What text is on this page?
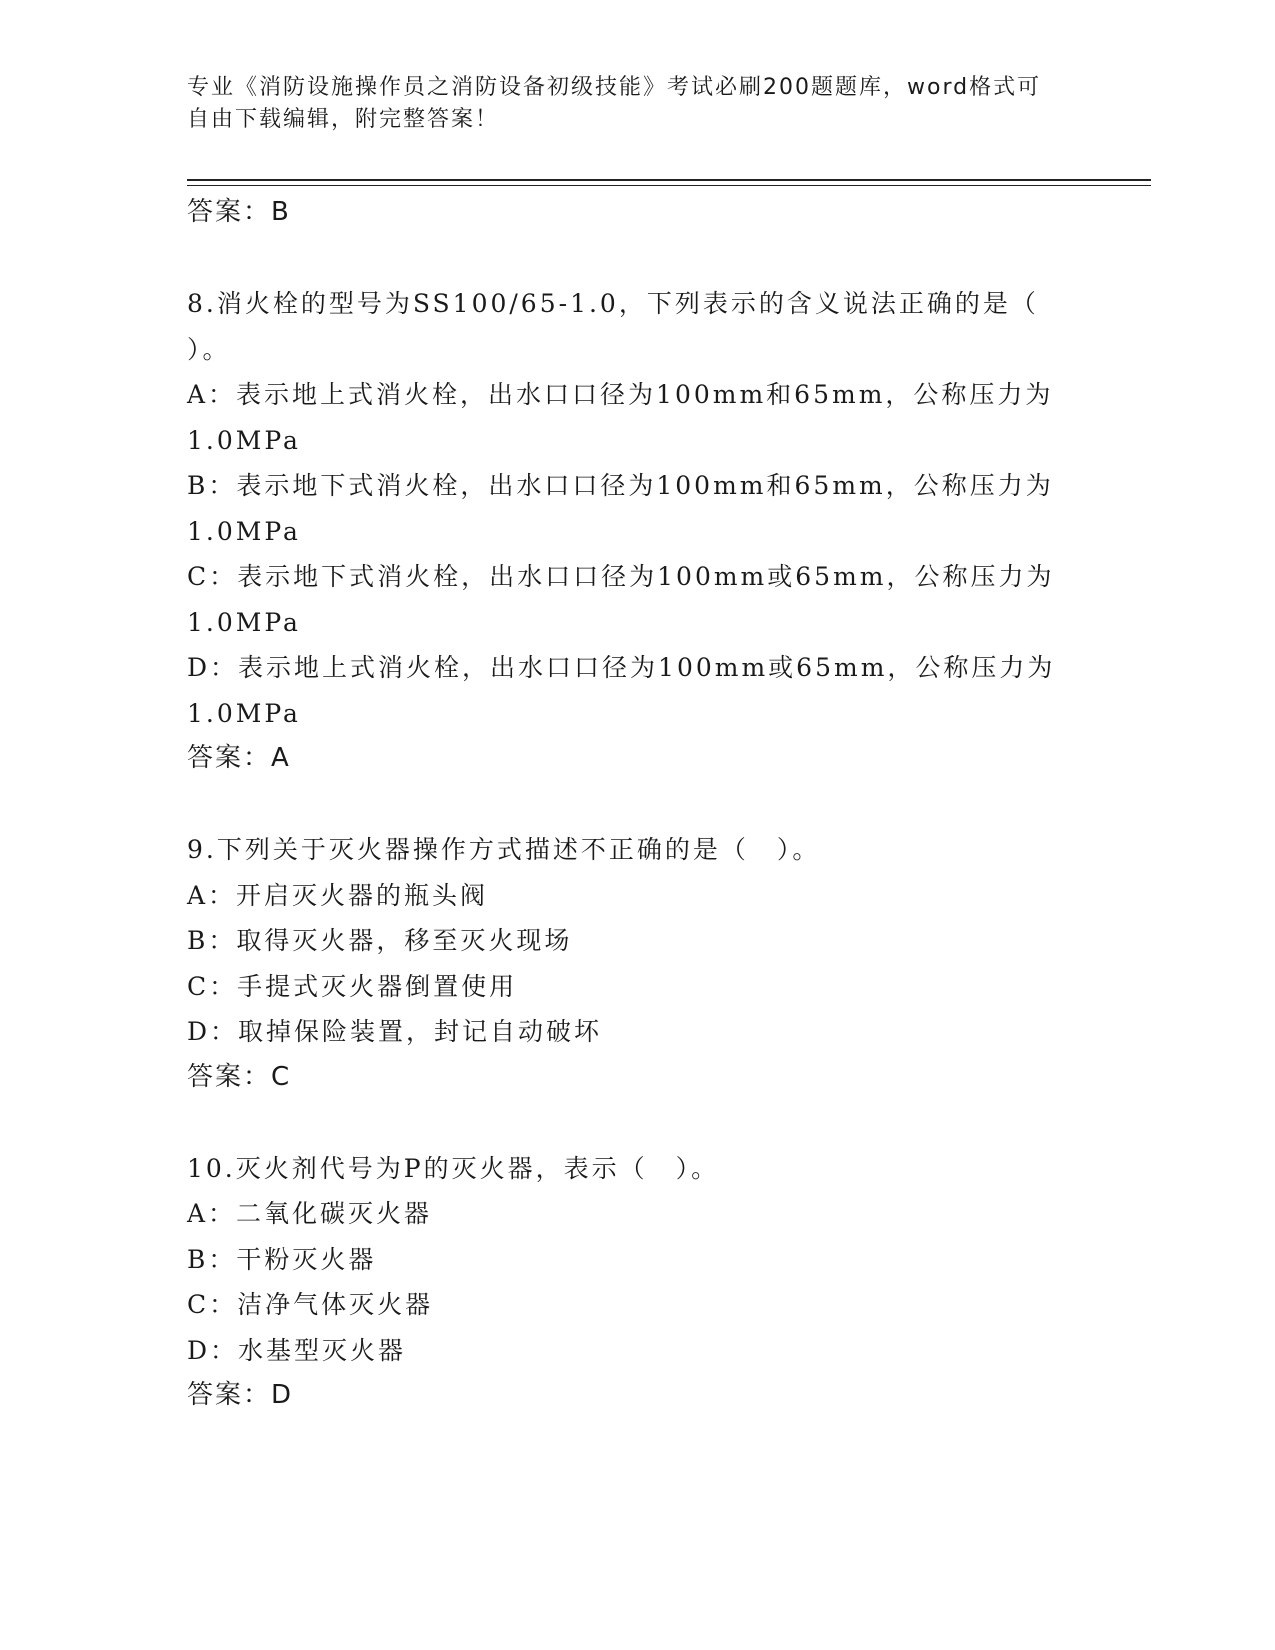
专业《消防设施操作员之消防设备初级技能》考试必刷200题题库，word格式可
自由下载编辑，附完整答案！
答案：B
8.消火栓的型号为SS100/65-1.0，下列表示的含义说法正确的是（
）。
A：表示地上式消火栓，出水口口径为100mm和65mm，公称压力为
1.0MPa
B：表示地下式消火栓，出水口口径为100mm和65mm，公称压力为
1.0MPa
C：表示地下式消火栓，出水口口径为100mm或65mm，公称压力为
1.0MPa
D：表示地上式消火栓，出水口口径为100mm或65mm，公称压力为
1.0MPa
答案：A
9.下列关于灭火器操作方式描述不正确的是（　）。
A：开启灭火器的瓶头阀
B：取得灭火器，移至灭火现场
C：手提式灭火器倒置使用
D：取掉保险装置，封记自动破坏
答案：C
10.灭火剂代号为P的灭火器，表示（　）。
A：二氧化碳灭火器
B：干粉灭火器
C：洁净气体灭火器
D：水基型灭火器
答案：D
